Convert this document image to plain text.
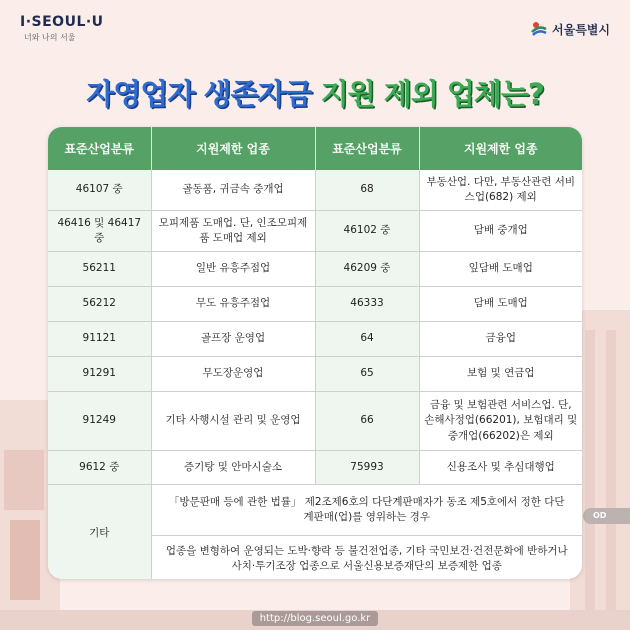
I·SEOUL·U
너와 나의 서울
서울특별시
자영업자 생존자금 지원 제외 업체는?
OD
표준산업분류	지원제한 업종	표준산업분류	지원제한 업종
46107 중	골동품, 귀금속 중개업	68	부동산업. 다만, 부동산관련 서비스업(682) 제외
46416 및 46417 중	모피제품 도매업. 단, 인조모피제품 도매업 제외	46102 중	담배 중개업
56211	일반 유흥주점업	46209 중	잎담배 도매업
56212	무도 유흥주점업	46333	담배 도매업
91121	골프장 운영업	64	금융업
91291	무도장운영업	65	보험 및 연금업
91249	기타 사행시설 관리 및 운영업	66	금융 및 보험관련 서비스업. 단, 손해사정업(66201), 보험대리 및 중개업(66202)은 제외
9612 중	증기탕 및 안마시술소	75993	신용조사 및 추심대행업
기타	「방문판매 등에 관한 법률」 제2조제6호의 다단계판매자가 동조 제5호에서 정한 다단계판매(업)를 영위하는 경우		
	업종을 변형하여 운영되는 도박·향락 등 불건전업종, 기타 국민보건·건전문화에 반하거나 사치·투기조장 업종으로 서울신용보증재단의 보증제한 업종		
http://blog.seoul.go.kr
